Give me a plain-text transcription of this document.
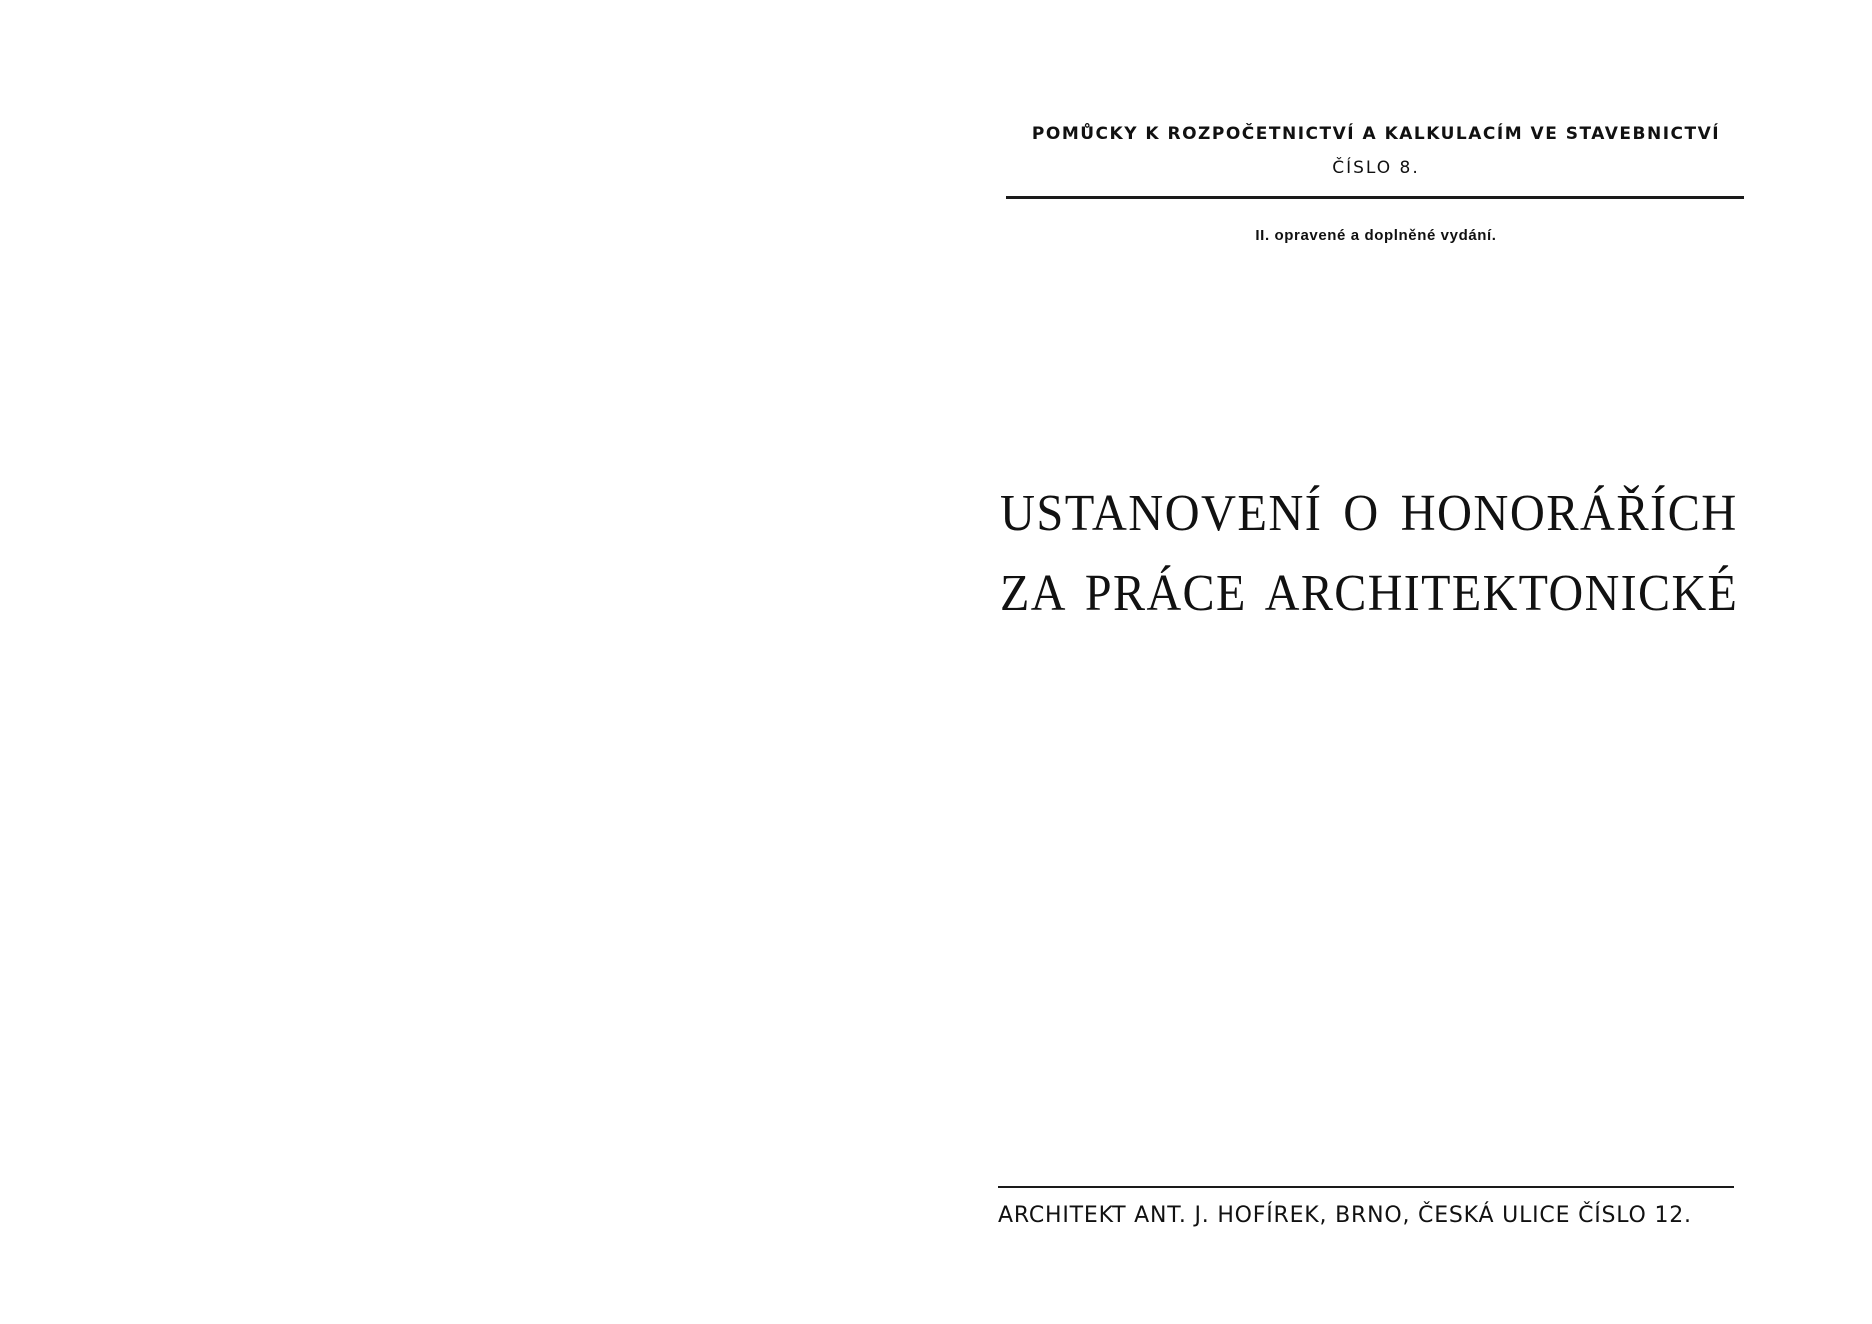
POMŮCKY K ROZPOČETNICTVÍ A KALKULACÍM VE STAVEBNICTVÍ
ČÍSLO 8.
II. opravené a doplněné vydání.
USTANOVENÍ O HONORÁŘÍCH
ZA PRÁCE ARCHITEKTONICKÉ
ARCHITEKT ANT. J. HOFÍREK, BRNO, ČESKÁ ULICE ČÍSLO 12.
